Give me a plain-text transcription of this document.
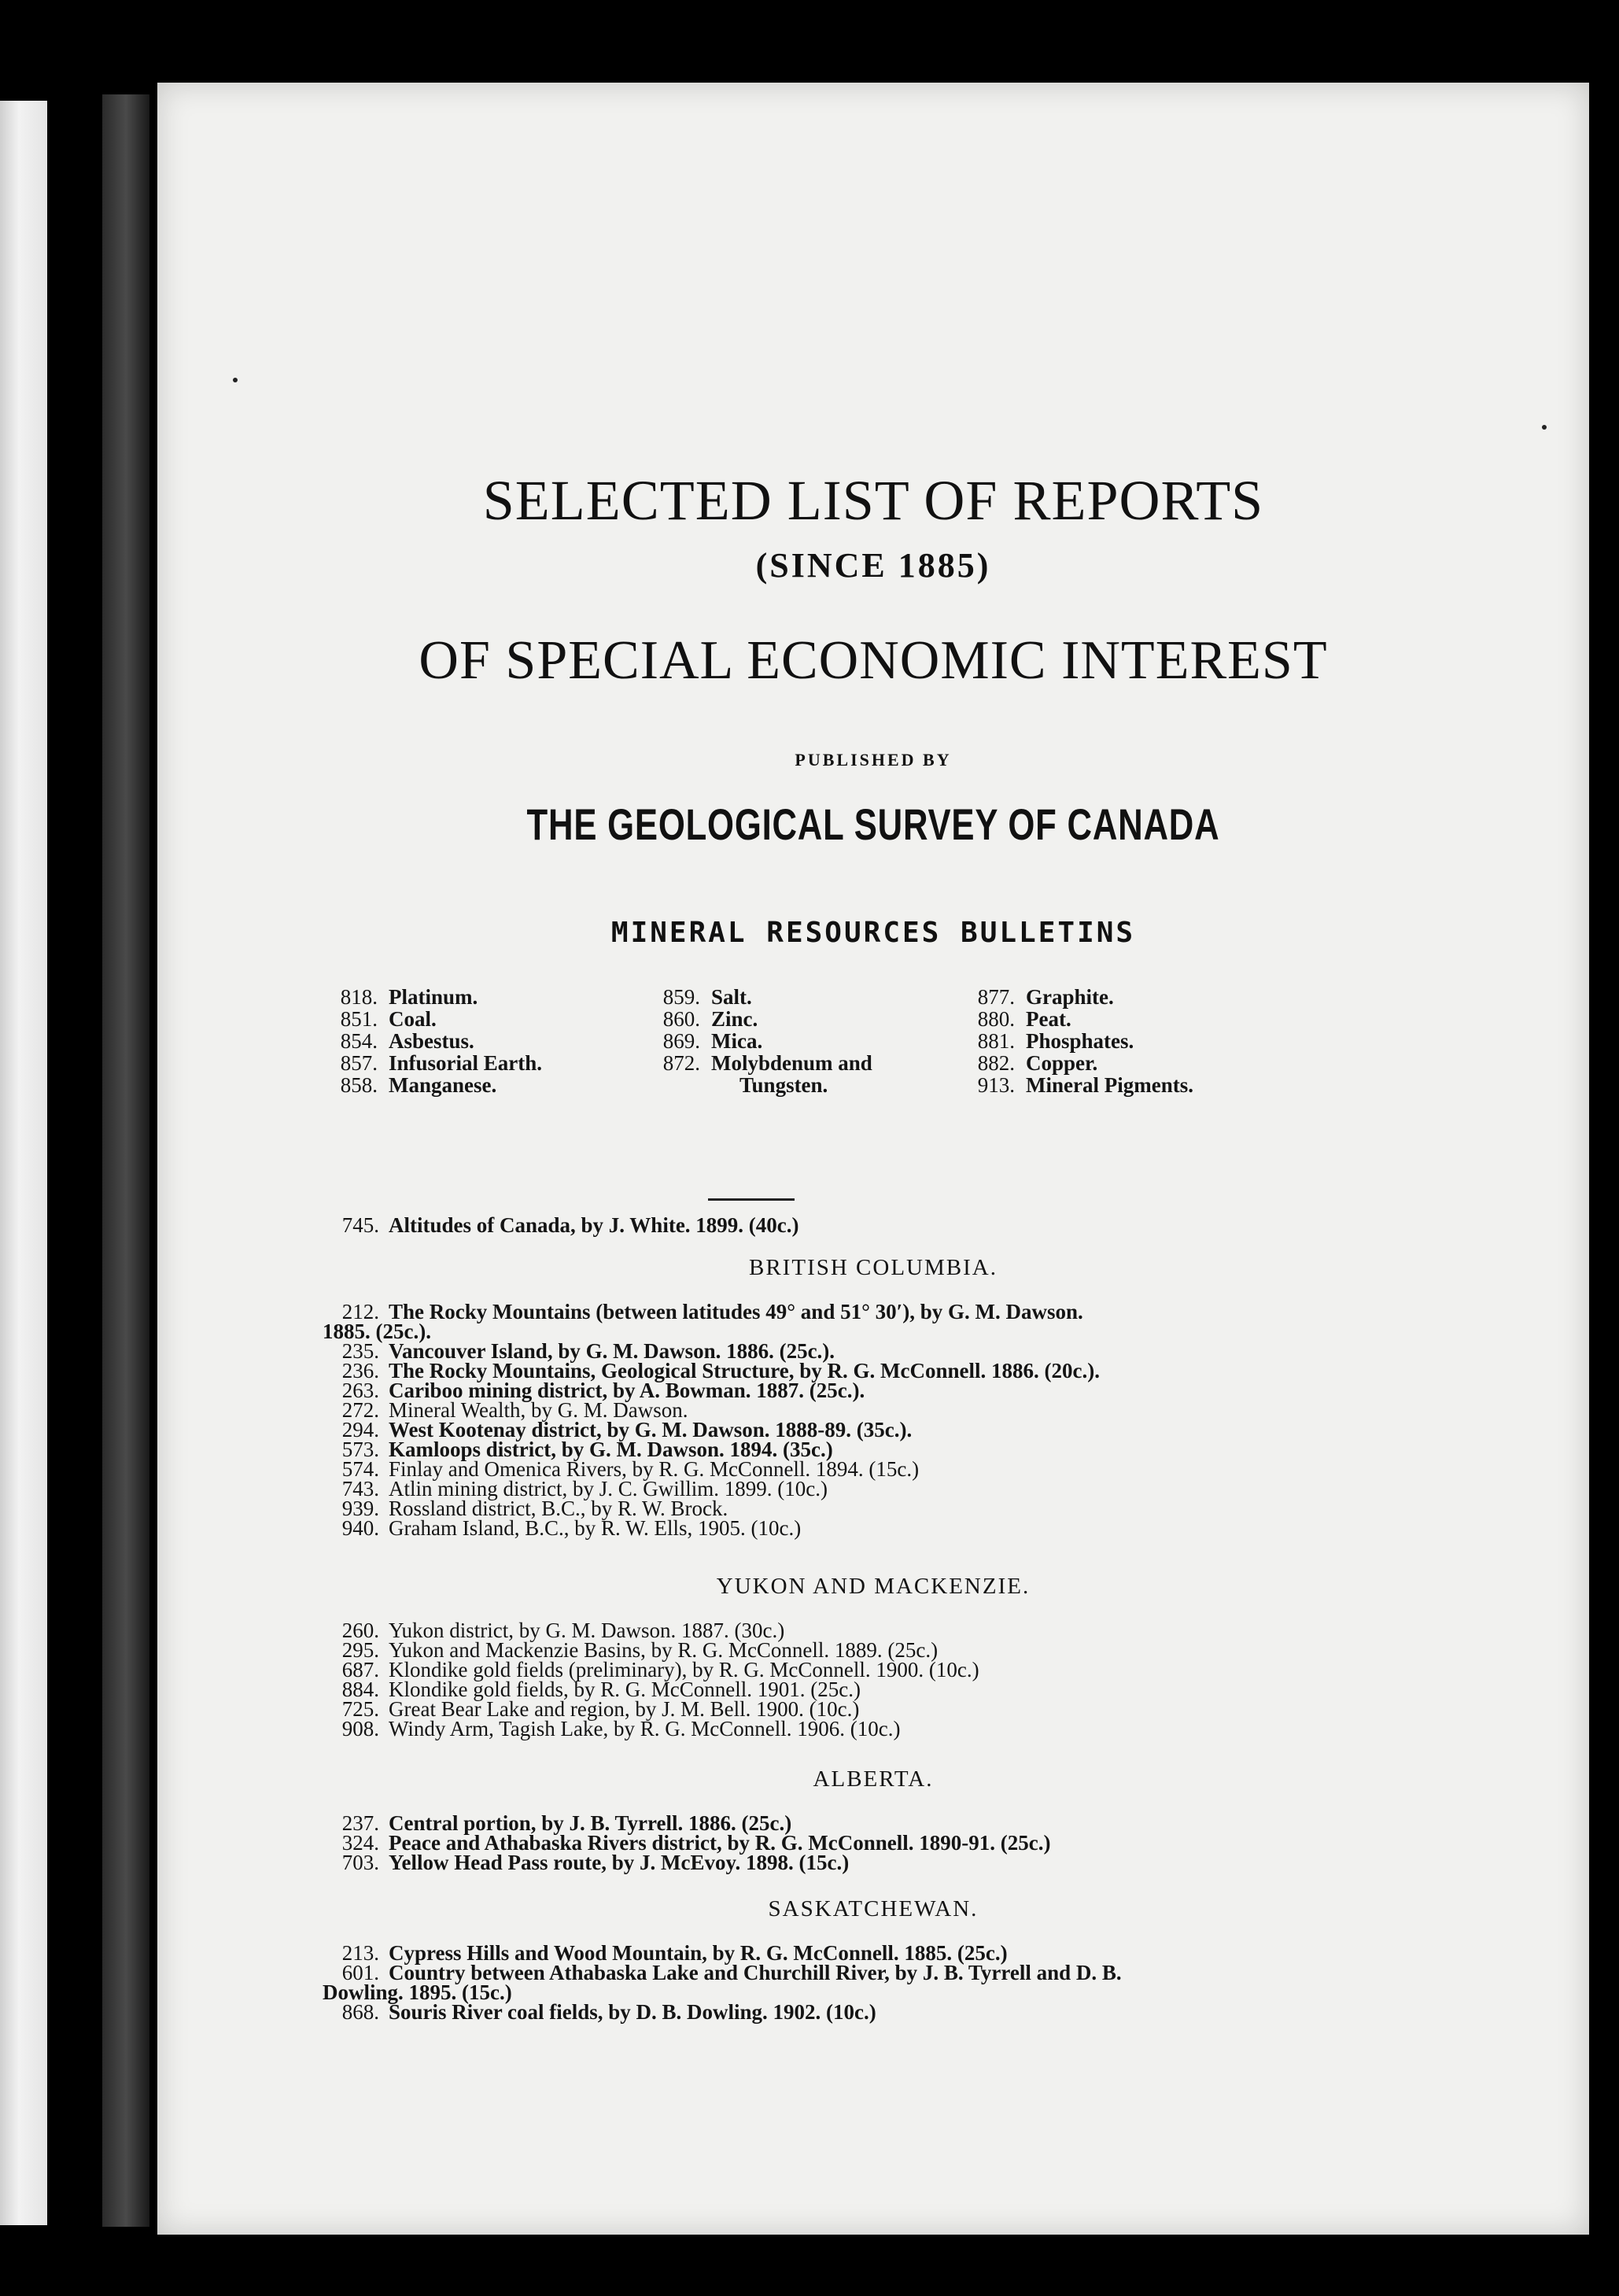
SELECTED LIST OF REPORTS
(SINCE 1885)
OF SPECIAL ECONOMIC INTEREST
PUBLISHED BY
THE GEOLOGICAL SURVEY OF CANADA
MINERAL RESOURCES BULLETINS
818. Platinum.
851. Coal.
854. Asbestus.
857. Infusorial Earth.
858. Manganese.
859. Salt.
860. Zinc.
869. Mica.
872. Molybdenum and
Tungsten.
877. Graphite.
880. Peat.
881. Phosphates.
882. Copper.
913. Mineral Pigments.
745. Altitudes of Canada, by J. White. 1899. (40c.)
BRITISH COLUMBIA.
212. The Rocky Mountains (between latitudes 49° and 51° 30′), by G. M. Dawson.
1885. (25c.).
235. Vancouver Island, by G. M. Dawson. 1886. (25c.).
236. The Rocky Mountains, Geological Structure, by R. G. McConnell. 1886. (20c.).
263. Cariboo mining district, by A. Bowman. 1887. (25c.).
272. Mineral Wealth, by G. M. Dawson.
294. West Kootenay district, by G. M. Dawson. 1888-89. (35c.).
573. Kamloops district, by G. M. Dawson. 1894. (35c.)
574. Finlay and Omenica Rivers, by R. G. McConnell. 1894. (15c.)
743. Atlin mining district, by J. C. Gwillim. 1899. (10c.)
939. Rossland district, B.C., by R. W. Brock.
940. Graham Island, B.C., by R. W. Ells, 1905. (10c.)
YUKON AND MACKENZIE.
260. Yukon district, by G. M. Dawson. 1887. (30c.)
295. Yukon and Mackenzie Basins, by R. G. McConnell. 1889. (25c.)
687. Klondike gold fields (preliminary), by R. G. McConnell. 1900. (10c.)
884. Klondike gold fields, by R. G. McConnell. 1901. (25c.)
725. Great Bear Lake and region, by J. M. Bell. 1900. (10c.)
908. Windy Arm, Tagish Lake, by R. G. McConnell. 1906. (10c.)
ALBERTA.
237. Central portion, by J. B. Tyrrell. 1886. (25c.)
324. Peace and Athabaska Rivers district, by R. G. McConnell. 1890-91. (25c.)
703. Yellow Head Pass route, by J. McEvoy. 1898. (15c.)
SASKATCHEWAN.
213. Cypress Hills and Wood Mountain, by R. G. McConnell. 1885. (25c.)
601. Country between Athabaska Lake and Churchill River, by J. B. Tyrrell and D. B.
Dowling. 1895. (15c.)
868. Souris River coal fields, by D. B. Dowling. 1902. (10c.)
